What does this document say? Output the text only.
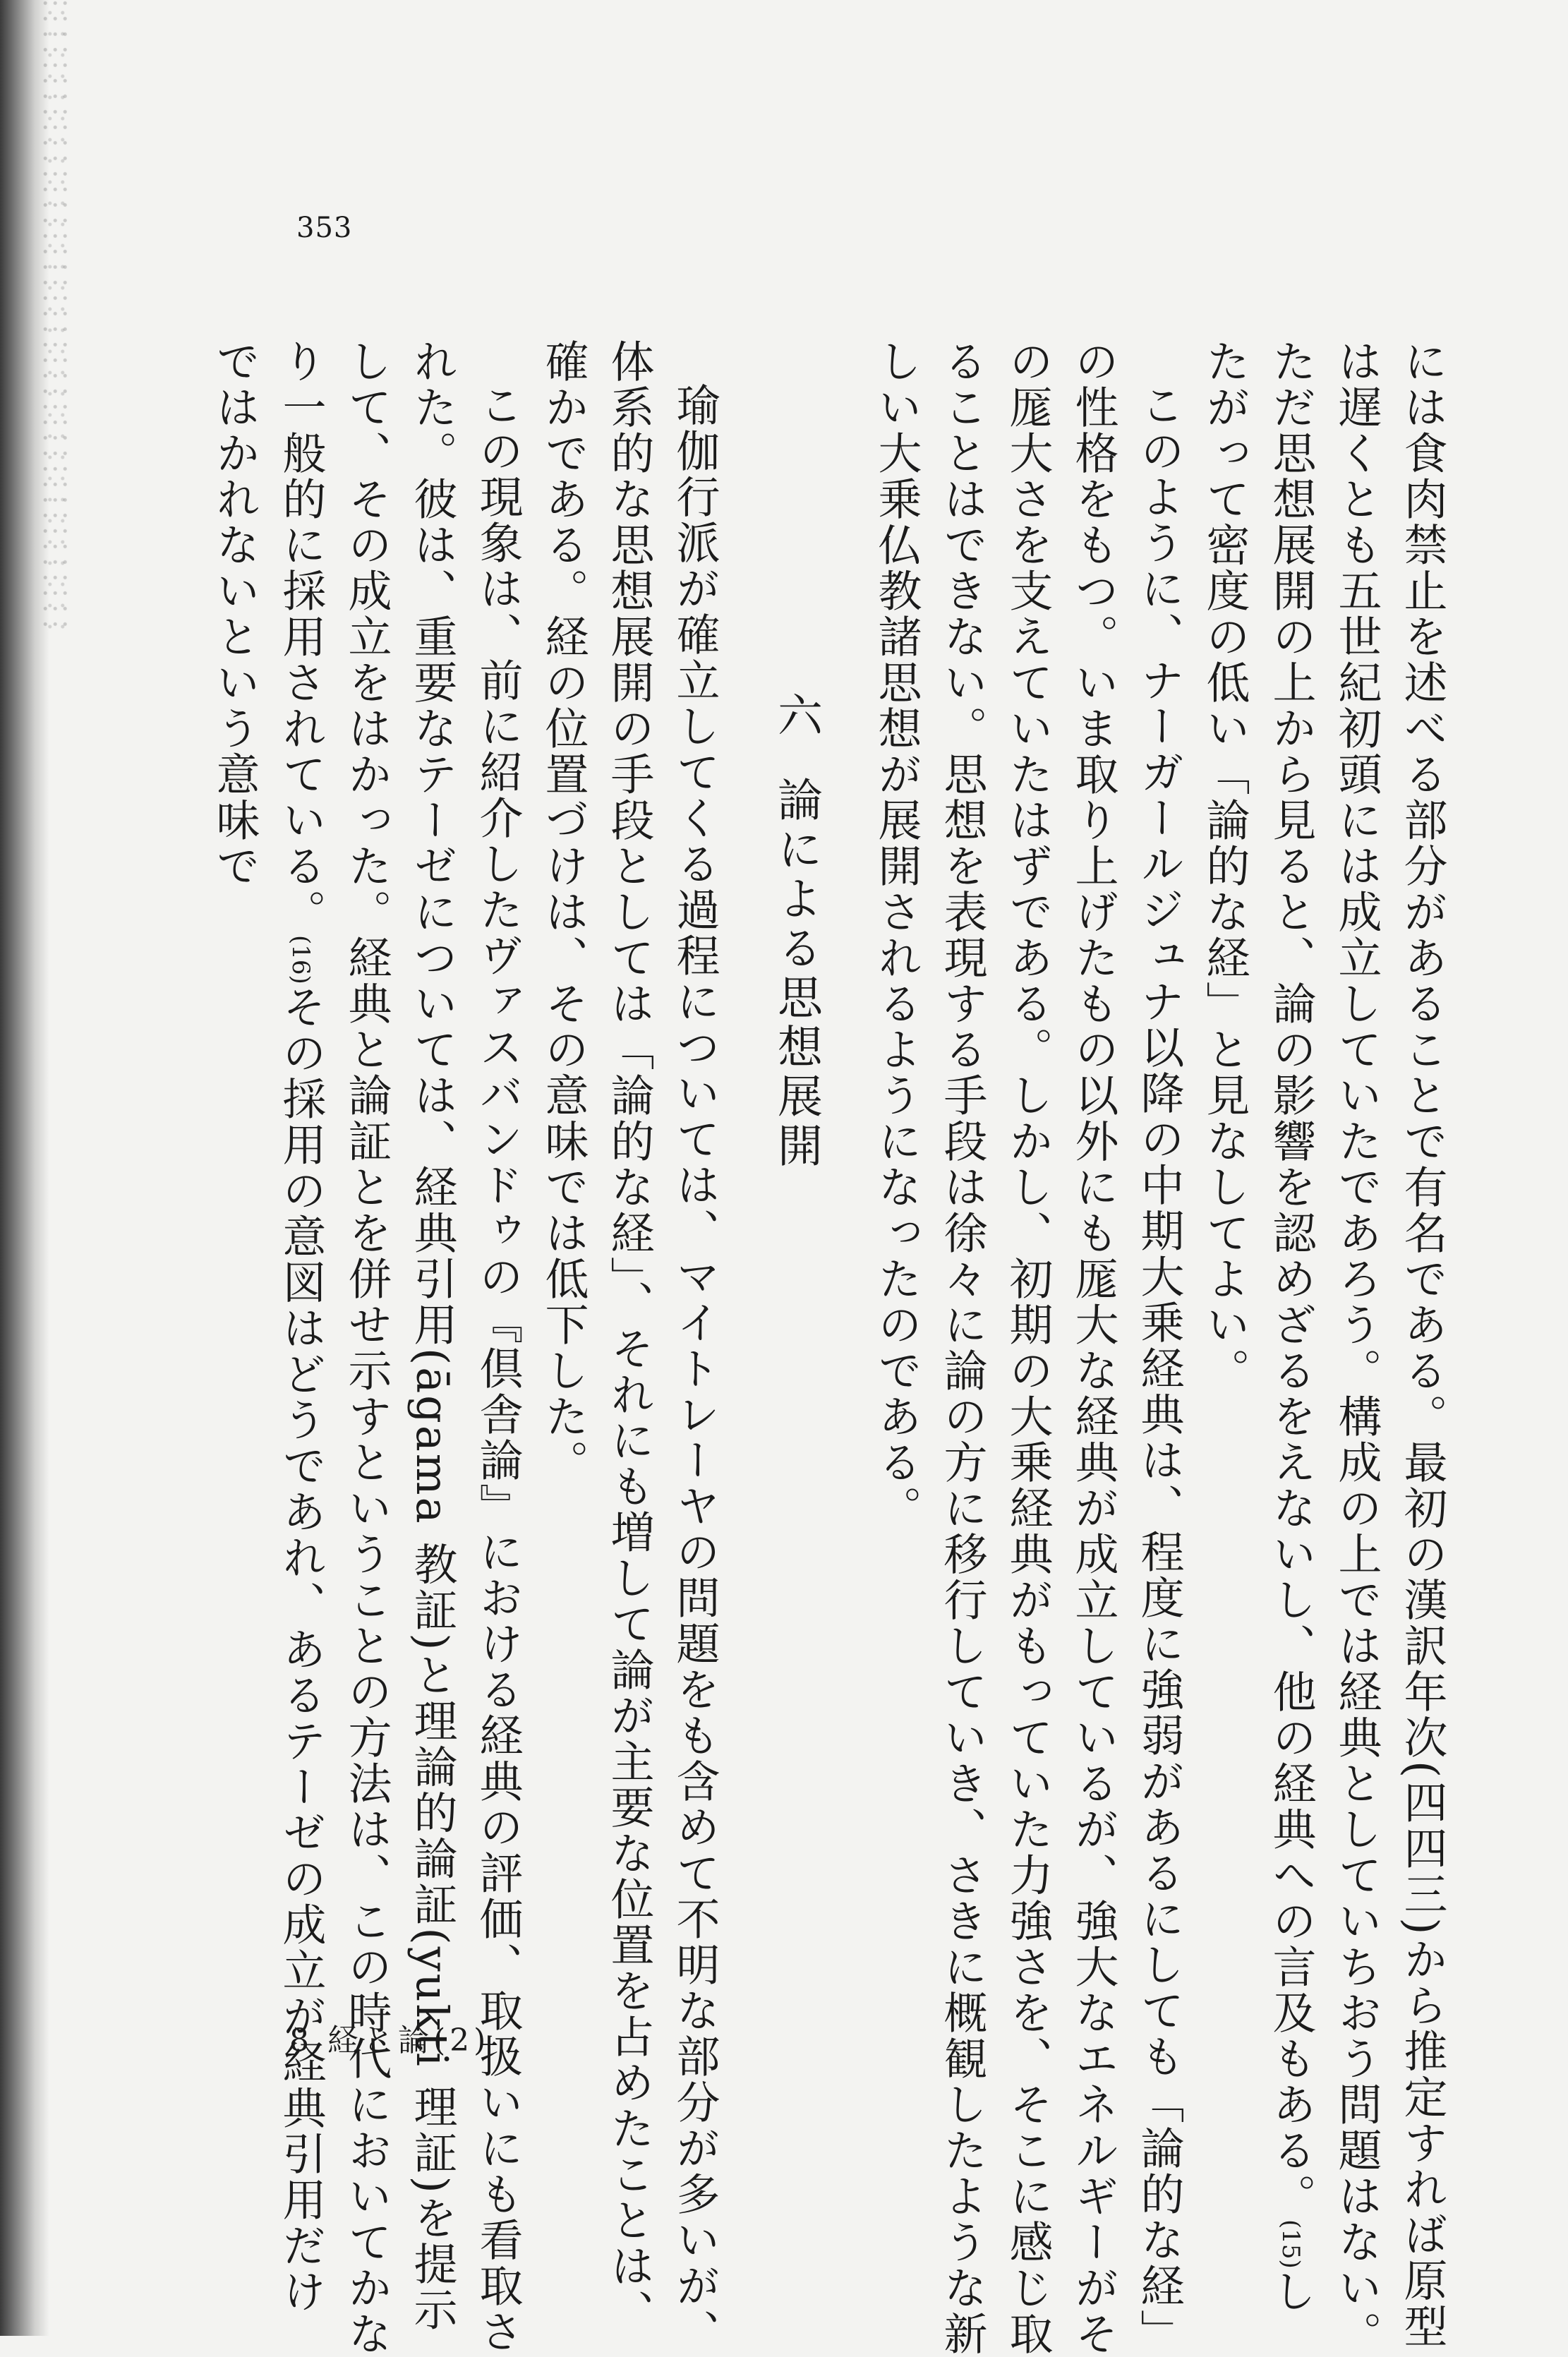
353

には食肉禁止を述べる部分があることで有名である。最初の漢訳年次(四四三)から推定すれば原型は遅くとも五世紀初頭には成立していたであろう。構成の上では経典としていちおう問題はない。ただ思想展開の上から見ると、論の影響を認めざるをえないし、他の経典への言及もある。(15)したがって密度の低い「論的な経」と見なしてよい。

このように、ナーガールジュナ以降の中期大乗経典は、程度に強弱があるにしても「論的な経」の性格をもつ。いま取り上げたもの以外にも厖大な経典が成立しているが、強大なエネルギーがその厖大さを支えていたはずである。しかし、初期の大乗経典がもっていた力強さを、そこに感じ取ることはできない。思想を表現する手段は徐々に論の方に移行していき、さきに概観したような新しい大乗仏教諸思想が展開されるようになったのである。

六論による思想展開

瑜伽行派が確立してくる過程については、マイトレーヤの問題をも含めて不明な部分が多いが、体系的な思想展開の手段としては「論的な経」、それにも増して論が主要な位置を占めたことは、確かである。経の位置づけは、その意味では低下した。

この現象は、前に紹介したヴァスバンドゥの『倶舎論』における経典の評価、取扱いにも看取された。彼は、重要なテーゼについては、経典引用(āgama 教証)と理論的論証(yukti 理証)を提示して、その成立をはかった。経典と論証とを併せ示すということの方法は、この時代においてかなり一般的に採用されている。(16)その採用の意図はどうであれ、あるテーゼの成立が経典引用だけではかれないという意味で

8 経と論(2)
